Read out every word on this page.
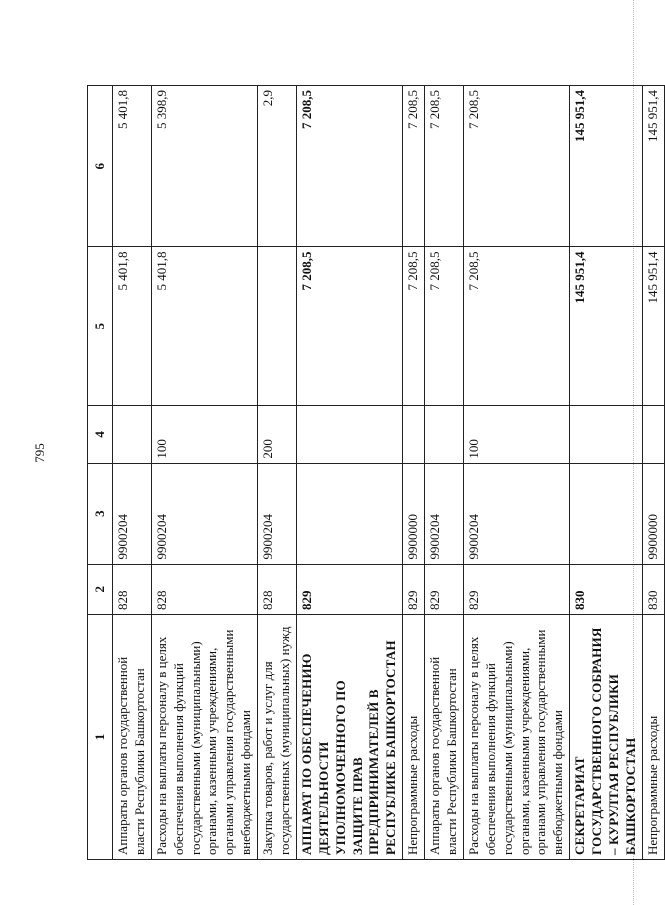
795
1	2	3	4	5	6
Аппараты органов государственной власти Республики Башкортостан	828	9900204		5 401,8	5 401,8
Расходы на выплаты персоналу в целях обеспечения выполнения функций государственными (муниципальными) органами, казенными учреждениями, органами управления государственными внебюджетными фондами	828	9900204	100	5 401,8	5 398,9
Закупка товаров, работ и услуг для государственных (муниципальных) нужд	828	9900204	200		2,9
АППАРАТ ПО ОБЕСПЕЧЕНИЮ ДЕЯТЕЛЬНОСТИ УПОЛНОМОЧЕННОГО ПО ЗАЩИТЕ ПРАВ ПРЕДПРИНИМАТЕЛЕЙ В РЕСПУБЛИКЕ БАШКОРТОСТАН	829			7 208,5	7 208,5
Непрограммные расходы	829	9900000		7 208,5	7 208,5
Аппараты органов государственной власти Республики Башкортостан	829	9900204		7 208,5	7 208,5
Расходы на выплаты персоналу в целях обеспечения выполнения функций государственными (муниципальными) органами, казенными учреждениями, органами управления государственными внебюджетными фондами	829	9900204	100	7 208,5	7 208,5
СЕКРЕТАРИАТ ГОСУДАРСТВЕННОГО СОБРАНИЯ – КУРУЛТАЯ РЕСПУБЛИКИ БАШКОРТОСТАН	830			145 951,4	145 951,4
Непрограммные расходы	830	9900000		145 951,4	145 951,4
